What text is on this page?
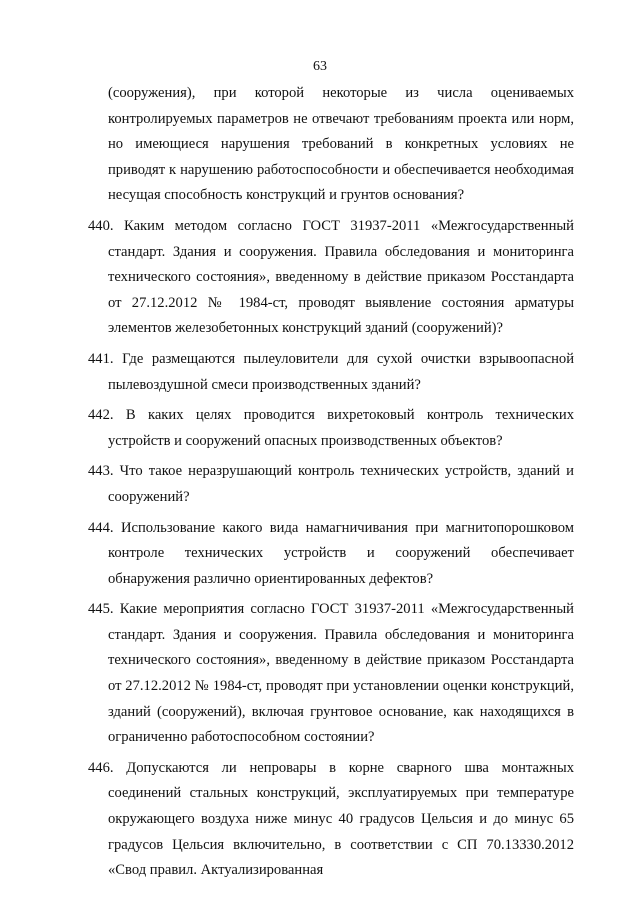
63

(сооружения), при которой некоторые из числа оцениваемых контролируемых параметров не отвечают требованиям проекта или норм, но имеющиеся нарушения требований в конкретных условиях не приводят к нарушению работоспособности и обеспечивается необходимая несущая способность конструкций и грунтов основания?

440. Каким методом согласно ГОСТ 31937-2011 «Межгосударственный стандарт. Здания и сооружения. Правила обследования и мониторинга технического состояния», введенному в действие приказом Росстандарта от 27.12.2012 № 1984-ст, проводят выявление состояния арматуры элементов железобетонных конструкций зданий (сооружений)?
441. Где размещаются пылеуловители для сухой очистки взрывоопасной пылевоздушной смеси производственных зданий?
442. В каких целях проводится вихретоковый контроль технических устройств и сооружений опасных производственных объектов?
443. Что такое неразрушающий контроль технических устройств, зданий и сооружений?
444. Использование какого вида намагничивания при магнитопорошковом контроле технических устройств и сооружений обеспечивает обнаружения различно ориентированных дефектов?
445. Какие мероприятия согласно ГОСТ 31937-2011 «Межгосударственный стандарт. Здания и сооружения. Правила обследования и мониторинга технического состояния», введенному в действие приказом Росстандарта от 27.12.2012 № 1984-ст, проводят при установлении оценки конструкций, зданий (сооружений), включая грунтовое основание, как находящихся в ограниченно работоспособном состоянии?
446. Допускаются ли непровары в корне сварного шва монтажных соединений стальных конструкций, эксплуатируемых при температуре окружающего воздуха ниже минус 40 градусов Цельсия и до минус 65 градусов Цельсия включительно, в соответствии с СП 70.13330.2012 «Свод правил. Актуализированная
